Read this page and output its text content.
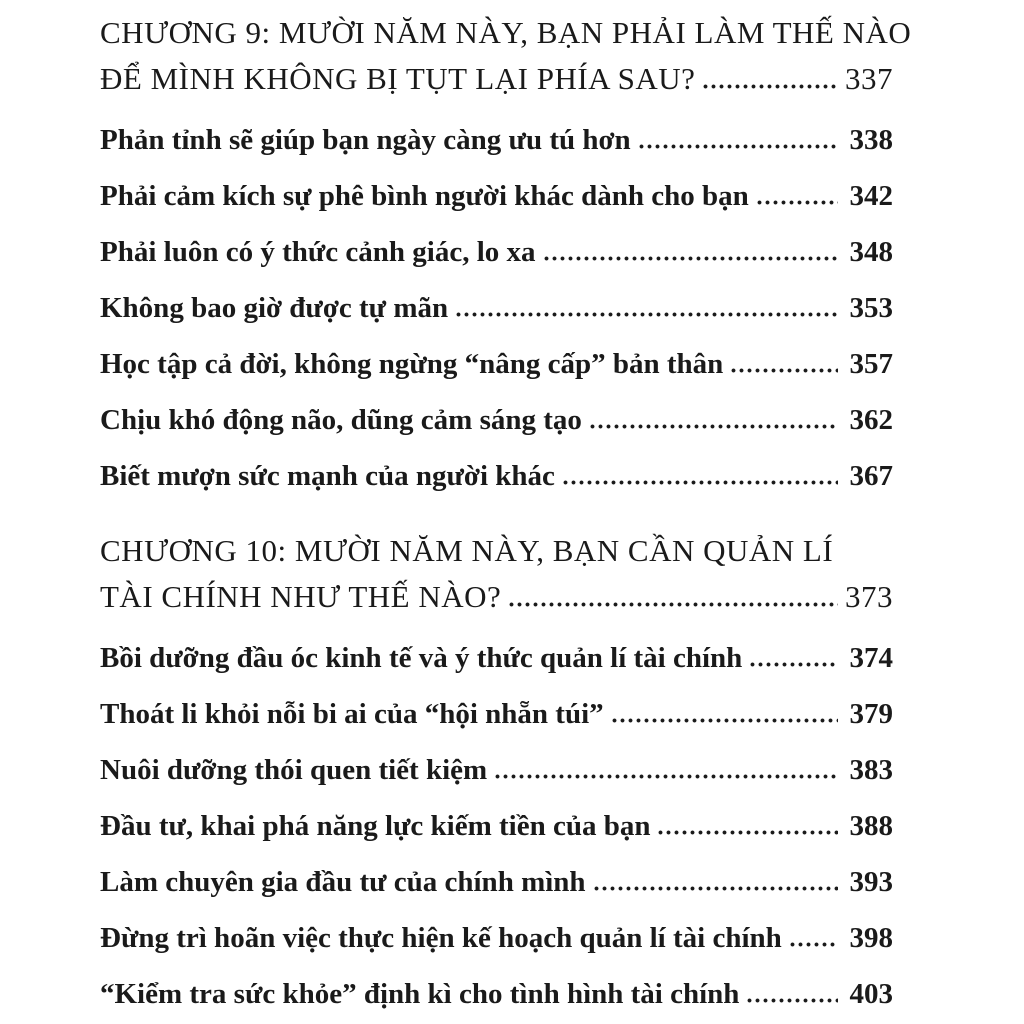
CHƯƠNG 9: MƯỜI NĂM NÀY, BẠN PHẢI LÀM THẾ NÀO
ĐỂ MÌNH KHÔNG BỊ TỤT LẠI PHÍA SAU?	337
Phản tỉnh sẽ giúp bạn ngày càng ưu tú hơn	338
Phải cảm kích sự phê bình người khác dành cho bạn	342
Phải luôn có ý thức cảnh giác, lo xa	348
Không bao giờ được tự mãn	353
Học tập cả đời, không ngừng “nâng cấp” bản thân	357
Chịu khó động não, dũng cảm sáng tạo	362
Biết mượn sức mạnh của người khác	367
CHƯƠNG 10: MƯỜI NĂM NÀY, BẠN CẦN QUẢN LÍ
TÀI CHÍNH NHƯ THẾ NÀO?	373
Bồi dưỡng đầu óc kinh tế và ý thức quản lí tài chính	374
Thoát li khỏi nỗi bi ai của “hội nhẵn túi”	379
Nuôi dưỡng thói quen tiết kiệm	383
Đầu tư, khai phá năng lực kiếm tiền của bạn	388
Làm chuyên gia đầu tư của chính mình	393
Đừng trì hoãn việc thực hiện kế hoạch quản lí tài chính 398
“Kiểm tra sức khỏe” định kì cho tình hình tài chính	403
